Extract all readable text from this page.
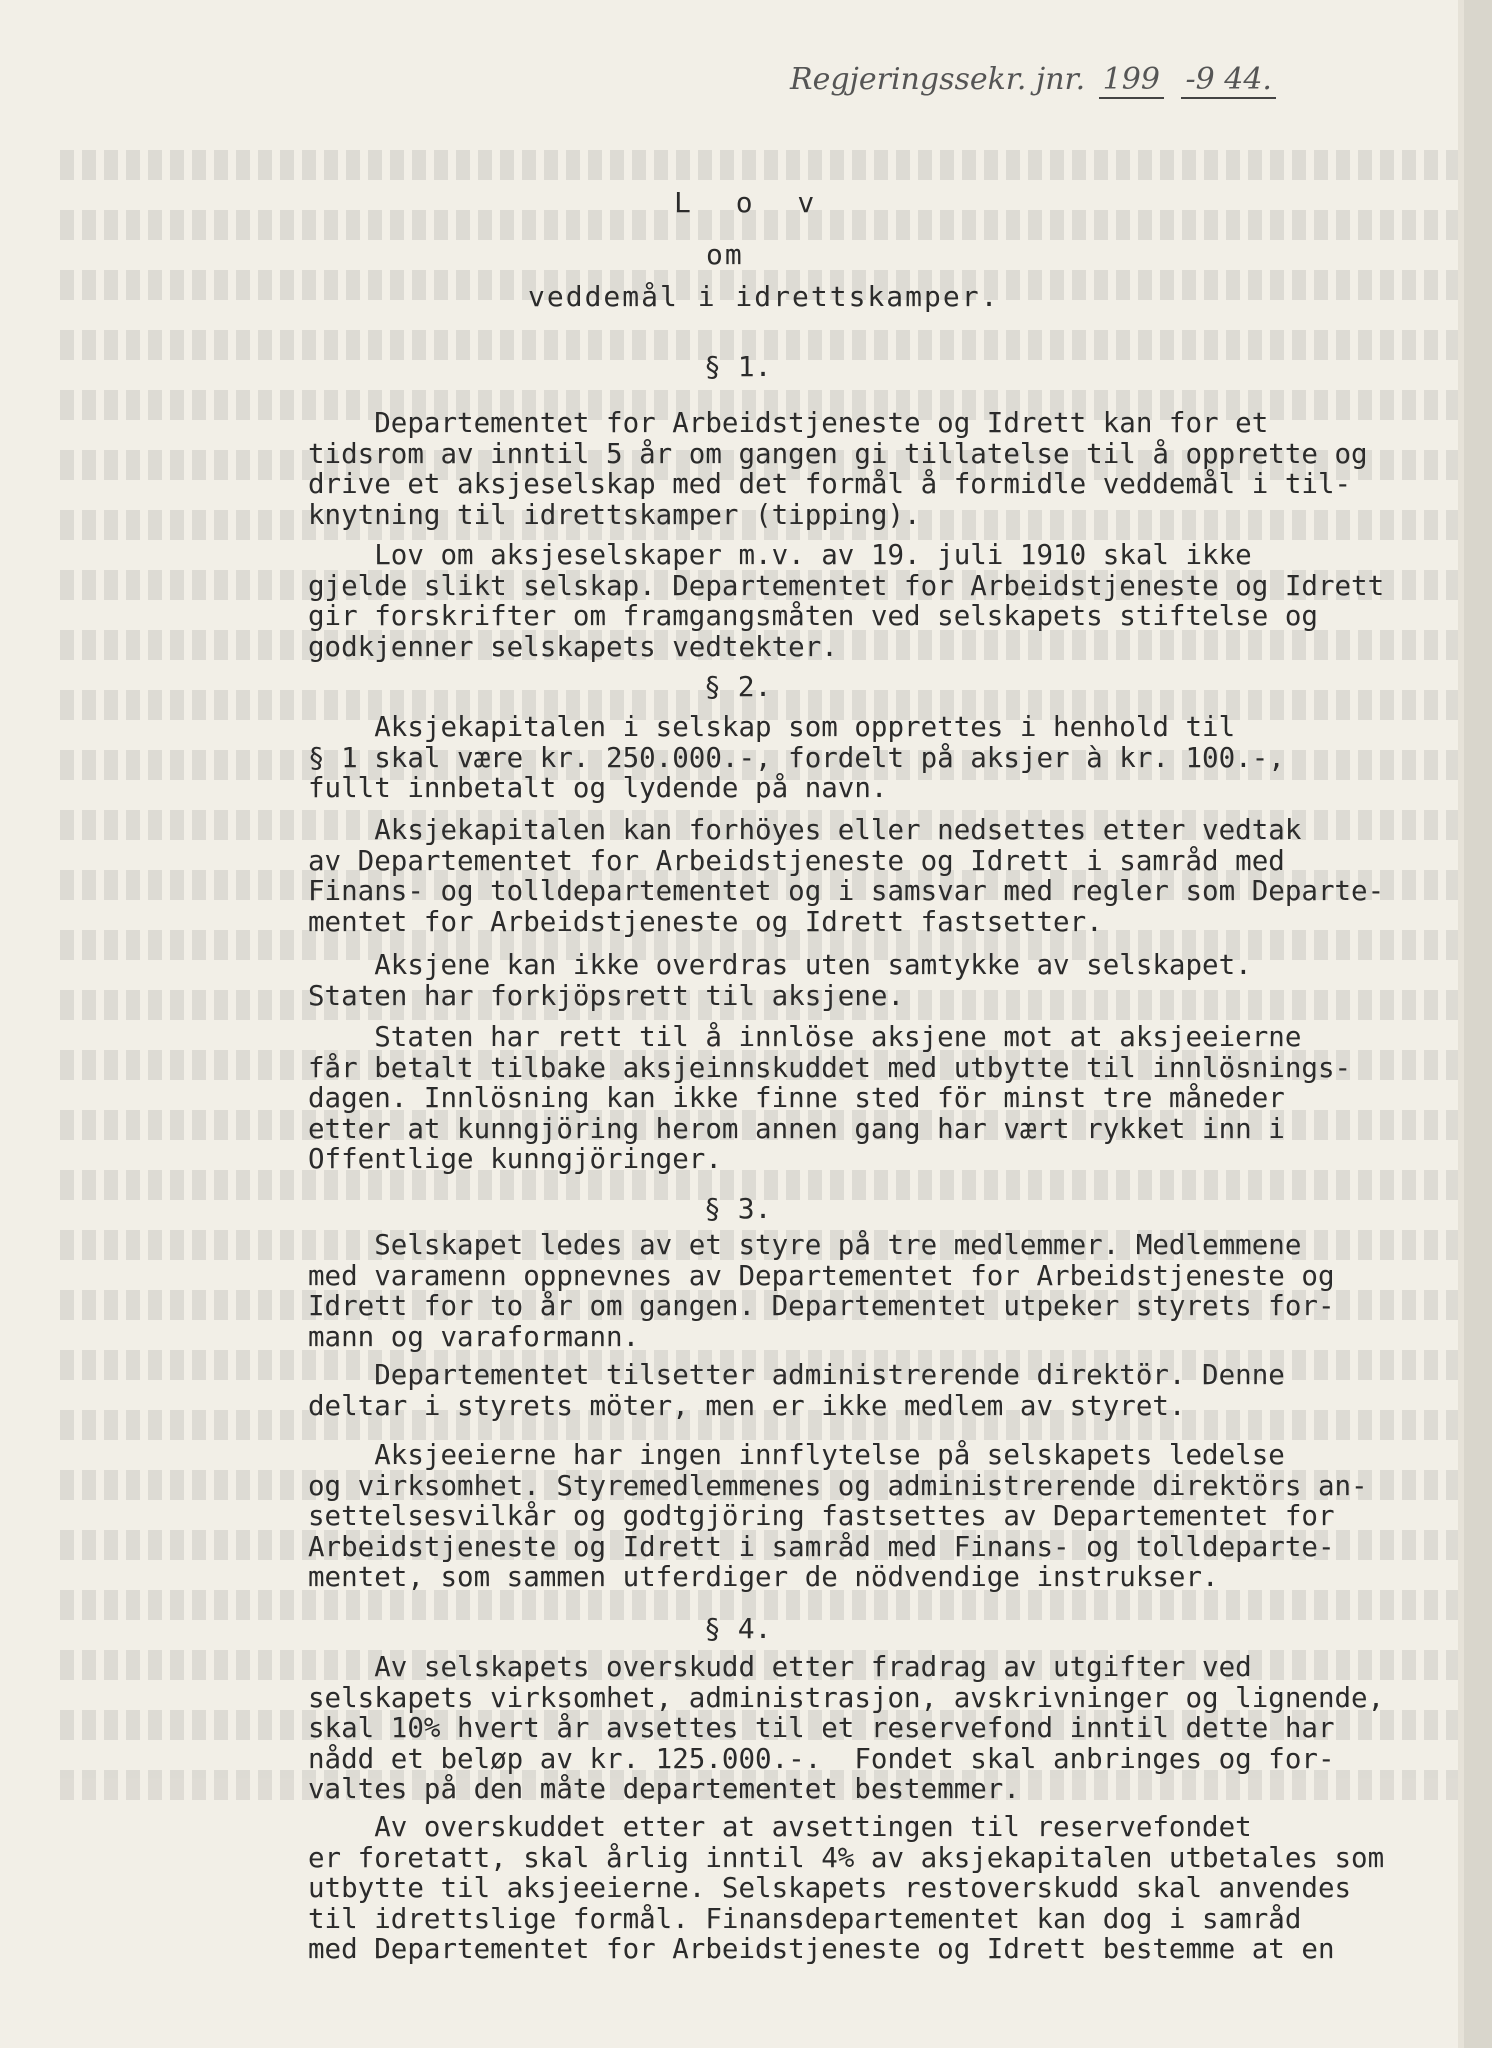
Regjeringssekr. jnr. 199 -9 44.
L o v
om
veddemål i idrettskamper.
§ 1.
Departementet for Arbeidstjeneste og Idrett kan for et
tidsrom av inntil 5 år om gangen gi tillatelse til å opprette og
drive et aksjeselskap med det formål å formidle veddemål i til-
knytning til idrettskamper (tipping).
Lov om aksjeselskaper m.v. av 19. juli 1910 skal ikke
gjelde slikt selskap. Departementet for Arbeidstjeneste og Idrett
gir forskrifter om framgangsmåten ved selskapets stiftelse og
godkjenner selskapets vedtekter.
§ 2.
Aksjekapitalen i selskap som opprettes i henhold til
§ 1 skal være kr. 250.000.-, fordelt på aksjer à kr. 100.-,
fullt innbetalt og lydende på navn.
Aksjekapitalen kan forhöyes eller nedsettes etter vedtak
av Departementet for Arbeidstjeneste og Idrett i samråd med
Finans- og tolldepartementet og i samsvar med regler som Departe-
mentet for Arbeidstjeneste og Idrett fastsetter.
Aksjene kan ikke overdras uten samtykke av selskapet.
Staten har forkjöpsrett til aksjene.
Staten har rett til å innlöse aksjene mot at aksjeeierne
får betalt tilbake aksjeinnskuddet med utbytte til innlösnings-
dagen. Innlösning kan ikke finne sted för minst tre måneder
etter at kunngjöring herom annen gang har vært rykket inn i
Offentlige kunngjöringer.
§ 3.
Selskapet ledes av et styre på tre medlemmer. Medlemmene
med varamenn oppnevnes av Departementet for Arbeidstjeneste og
Idrett for to år om gangen. Departementet utpeker styrets for-
mann og varaformann.
Departementet tilsetter administrerende direktör. Denne
deltar i styrets möter, men er ikke medlem av styret.
Aksjeeierne har ingen innflytelse på selskapets ledelse
og virksomhet. Styremedlemmenes og administrerende direktörs an-
settelsesvilkår og godtgjöring fastsettes av Departementet for
Arbeidstjeneste og Idrett i samråd med Finans- og tolldeparte-
mentet, som sammen utferdiger de nödvendige instrukser.
§ 4.
Av selskapets overskudd etter fradrag av utgifter ved
selskapets virksomhet, administrasjon, avskrivninger og lignende,
skal 10% hvert år avsettes til et reservefond inntil dette har
nådd et beløp av kr. 125.000.-.  Fondet skal anbringes og for-
valtes på den måte departementet bestemmer.
Av overskuddet etter at avsettingen til reservefondet
er foretatt, skal årlig inntil 4% av aksjekapitalen utbetales som
utbytte til aksjeeierne. Selskapets restoverskudd skal anvendes
til idrettslige formål. Finansdepartementet kan dog i samråd
med Departementet for Arbeidstjeneste og Idrett bestemme at en
